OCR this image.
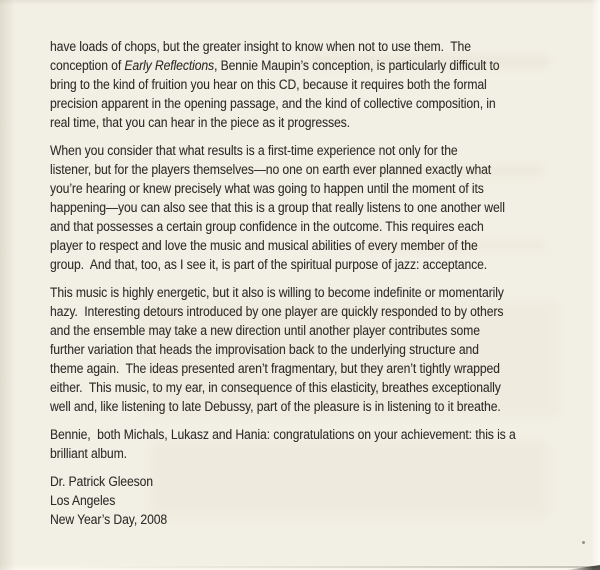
have loads of chops, but the greater insight to know when not to use them.  The
conception of Early Reflections, Bennie Maupin’s conception, is particularly difficult to
bring to the kind of fruition you hear on this CD, because it requires both the formal
precision apparent in the opening passage, and the kind of collective composition, in
real time, that you can hear in the piece as it progresses.
When you consider that what results is a first-time experience not only for the
listener, but for the players themselves—no one on earth ever planned exactly what
you’re hearing or knew precisely what was going to happen until the moment of its
happening—you can also see that this is a group that really listens to one another well
and that possesses a certain group confidence in the outcome. This requires each
player to respect and love the music and musical abilities of every member of the
group.  And that, too, as I see it, is part of the spiritual purpose of jazz: acceptance.
This music is highly energetic, but it also is willing to become indefinite or momentarily
hazy.  Interesting detours introduced by one player are quickly responded to by others
and the ensemble may take a new direction until another player contributes some
further variation that heads the improvisation back to the underlying structure and
theme again.  The ideas presented aren’t fragmentary, but they aren’t tightly wrapped
either.  This music, to my ear, in consequence of this elasticity, breathes exceptionally
well and, like listening to late Debussy, part of the pleasure is in listening to it breathe.
Bennie,  both Michals, Lukasz and Hania: congratulations on your achievement: this is a
brilliant album.
Dr. Patrick Gleeson
Los Angeles
New Year’s Day, 2008
